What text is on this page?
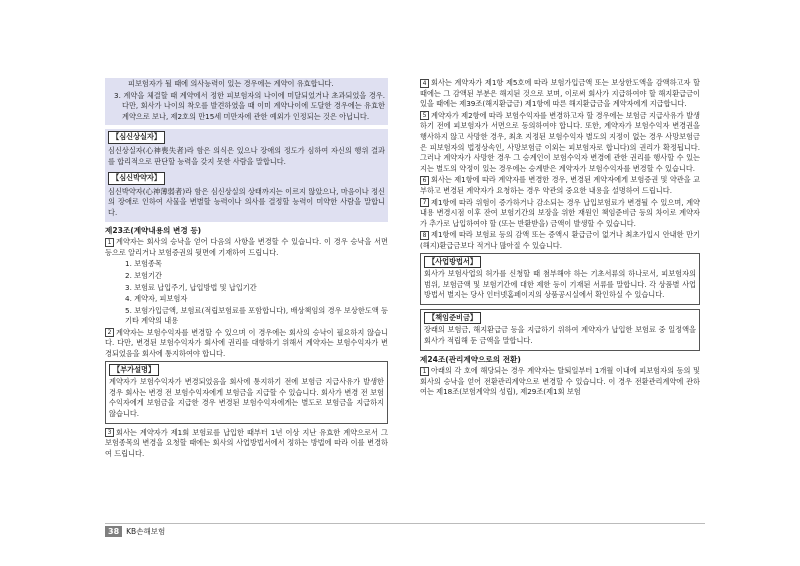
피보험자가 될 때에 의사능력이 있는 경우에는 계약이 유효합니다.

3. 계약을 체결할 때 계약에서 정한 피보험자의 나이에 미달되었거나 초과되었을 경우. 다만, 회사가 나이의 착오를 발견하였을 때 이미 계약나이에 도달한 경우에는 유효한 계약으로 보나, 제2호의 만15세 미만자에 관한 예외가 인정되는 것은 아닙니다.

【심신상실자】

심신상실자(心神喪失者)라 함은 의식은 있으나 장애의 정도가 심하여 자신의 행위 결과를 합리적으로 판단할 능력을 갖지 못한 사람을 말합니다.

【심신박약자】

심신박약자(心神薄弱者)라 함은 심신상실의 상태까지는 이르지 않았으나, 마음이나 정신의 장애로 인하여 사물을 변별할 능력이나 의사를 결정할 능력이 미약한 사람을 말합니다.

제23조(계약내용의 변경 등)

1 계약자는 회사의 승낙을 얻어 다음의 사항을 변경할 수 있습니다. 이 경우 승낙을 서면 등으로 알리거나 보험증권의 뒷면에 기재하여 드립니다.

1. 보험종목

2. 보험기간

3. 보험료 납입주기, 납입방법 및 납입기간

4. 계약자, 피보험자

5. 보험가입금액, 보험료(적립보험료를 포함합니다), 배상책임의 경우 보상한도액 등 기타 계약의 내용

2 계약자는 보험수익자를 변경할 수 있으며 이 경우에는 회사의 승낙이 필요하지 않습니다. 다만, 변경된 보험수익자가 회사에 권리를 대항하기 위해서 계약자는 보험수익자가 변경되었음을 회사에 통지하여야 합니다.

【부가설명】

계약자가 보험수익자가 변경되었음을 회사에 통지하기 전에 보험금 지급사유가 발생한 경우 회사는 변경 전 보험수익자에게 보험금을 지급할 수 있습니다. 회사가 변경 전 보험수익자에게 보험금을 지급한 경우 변경된 보험수익자에게는 별도로 보험금을 지급하지 않습니다.

3 회사는 계약자가 제1회 보험료를 납입한 때부터 1년 이상 지난 유효한 계약으로서 그 보험종목의 변경을 요청할 때에는 회사의 사업방법서에서 정하는 방법에 따라 이를 변경하여 드립니다.

4 회사는 계약자가 제1항 제5호에 따라 보험가입금액 또는 보상한도액을 감액하고자 할 때에는 그 감액된 부분은 해지된 것으로 보며, 이로써 회사가 지급하여야 할 해지환급금이 있을 때에는 제39조(해지환급금) 제1항에 따른 해지환급금을 계약자에게 지급합니다.

5 계약자가 제2항에 따라 보험수익자를 변경하고자 할 경우에는 보험금 지급사유가 발생하기 전에 피보험자가 서면으로 동의하여야 합니다. 또한, 계약자가 보험수익자 변경권을 행사하지 않고 사망한 경우, 최초 지정된 보험수익자 별도의 지정이 없는 경우 사망보험금은 피보험자의 법정상속인, 사망보험금 이외는 피보험자로 합니다)의 권리가 확정됩니다. 그러나 계약자가 사망한 경우 그 승계인이 보험수익자 변경에 관한 권리를 행사할 수 있는지는 별도의 약정이 있는 경우에는 승계받은 계약자가 보험수익자를 변경할 수 있습니다.

6 회사는 제1항에 따라 계약자를 변경한 경우, 변경된 계약자에게 보험증권 및 약관을 교부하고 변경된 계약자가 요청하는 경우 약관의 중요한 내용을 설명하여 드립니다.

7 제1항에 따라 위험이 증가하거나 감소되는 경우 납입보험료가 변경될 수 있으며, 계약내용 변경시점 이후 잔여 보험기간의 보장을 위한 재원인 책임준비금 등의 차이로 계약자가 추가로 납입하여야 할 (또는 반환받을) 금액이 발생할 수 있습니다.

8 제1항에 따라 보험료 등의 감액 또는 증액시 환급금이 없거나 최초가입시 안내한 만기(해지)환급금보다 적거나 많아질 수 있습니다.

【사업방법서】

회사가 보험사업의 허가를 신청할 때 첨부해야 하는 기초서류의 하나로서, 피보험자의 범위, 보험금액 및 보험기간에 대한 제한 등이 기재된 서류를 말합니다. 각 상품별 사업방법서 별지는 당사 인터넷홈페이지의 상품공시실에서 확인하실 수 있습니다.

【책임준비금】

장래의 보험금, 해지환급금 등을 지급하기 위하여 계약자가 납입한 보험료 중 일정액을 회사가 적립해 둔 금액을 말합니다.

제24조(관리계약으로의 전환)

1 아래의 각 호에 해당되는 경우 계약자는 탈퇴일부터 1개월 이내에 피보험자의 동의 및 회사의 승낙을 얻어 전환관리계약으로 변경할 수 있습니다. 이 경우 전환관리계약에 관하여는 제18조(보험계약의 성립), 제29조(제1회 보험

38 KB손해보험
